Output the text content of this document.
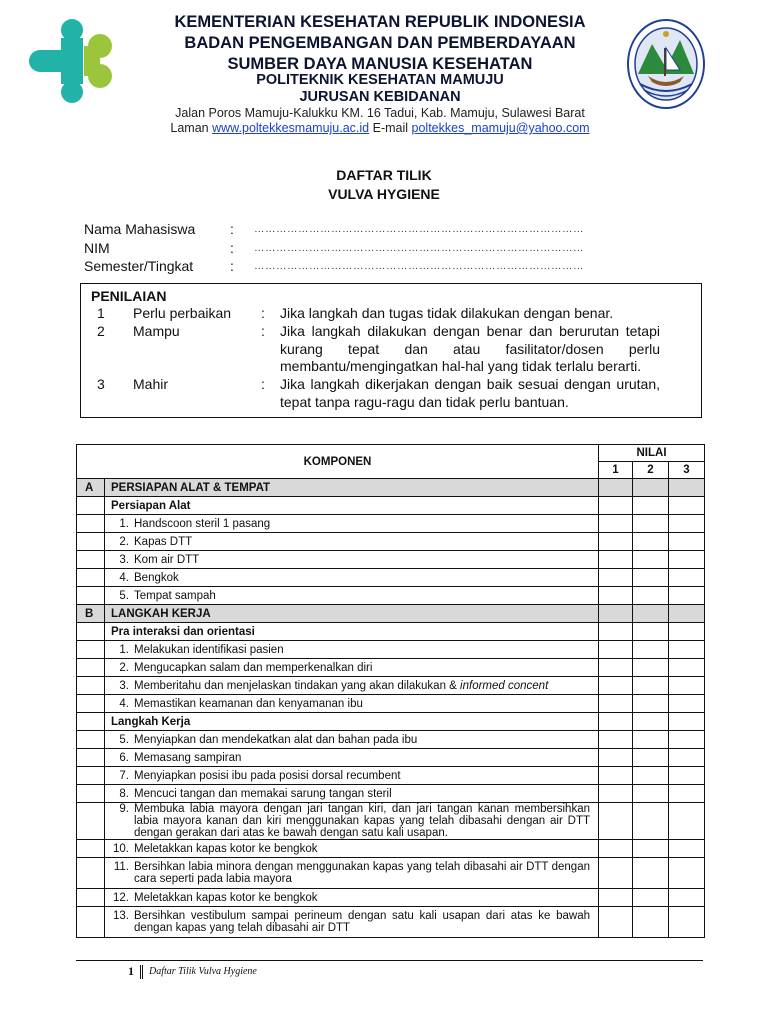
KEMENTERIAN KESEHATAN REPUBLIK INDONESIA
BADAN PENGEMBANGAN DAN PEMBERDAYAAN
SUMBER DAYA MANUSIA KESEHATAN
POLITEKNIK KESEHATAN MAMUJU
JURUSAN KEBIDANAN
Jalan Poros Mamuju-Kalukku KM. 16 Tadui, Kab. Mamuju, Sulawesi Barat
Laman www.poltekkesmamuju.ac.id E-mail poltekkes_mamuju@yahoo.com
DAFTAR TILIK
VULVA HYGIENE
Nama Mahasiswa	:	………………………………………………………………………………
NIM	:	………………………………………………………………………………
Semester/Tingkat	:	………………………………………………………………………………
PENILAIAN
1 Perlu perbaikan : Jika langkah dan tugas tidak dilakukan dengan benar.
2 Mampu	: Jika langkah dilakukan dengan benar dan berurutan tetapi kurang tepat dan atau fasilitator/dosen perlu membantu/mengingatkan hal-hal yang tidak terlalu berarti.
3 Mahir	: Jika langkah dikerjakan dengan baik sesuai dengan urutan, tepat tanpa ragu-ragu dan tidak perlu bantuan.
KOMPONEN		NILAI		
		1	2	3
A	PERSIAPAN ALAT & TEMPAT			
	Persiapan Alat			

	1. Handscoon steril 1 pasang			

	2. Kapas DTT			

	3. Kom air DTT			

	4. Bengkok			

	5. Tempat sampah			

B	LANGKAH KERJA			
	Pra interaksi dan orientasi			

	1. Melakukan identifikasi pasien			

	2. Mengucapkan salam dan memperkenalkan diri			

	3. Memberitahu dan menjelaskan tindakan yang akan dilakukan & informed concent			

	4. Memastikan keamanan dan kenyamanan ibu			

	Langkah Kerja			

	5. Menyiapkan dan mendekatkan alat dan bahan pada ibu			

	6. Memasang sampiran			

	7. Menyiapkan posisi ibu pada posisi dorsal recumbent			

	8. Mencuci tangan dan memakai sarung tangan steril			

	9. Membuka labia mayora dengan jari tangan kiri, dan jari tangan kanan membersihkan labia mayora kanan dan kiri menggunakan kapas yang telah dibasahi dengan air DTT dengan gerakan dari atas ke bawah dengan satu kali usapan.			

	10. Meletakkan kapas kotor ke bengkok			

	11. Bersihkan labia minora dengan menggunakan kapas yang telah dibasahi air DTT dengan cara seperti pada labia mayora			

	12. Meletakkan kapas kotor ke bengkok			

	13. Bersihkan vestibulum sampai perineum dengan satu kali usapan dari atas ke bawah dengan kapas yang telah dibasahi air DTT			

1 Daftar Tilik Vulva Hygiene
